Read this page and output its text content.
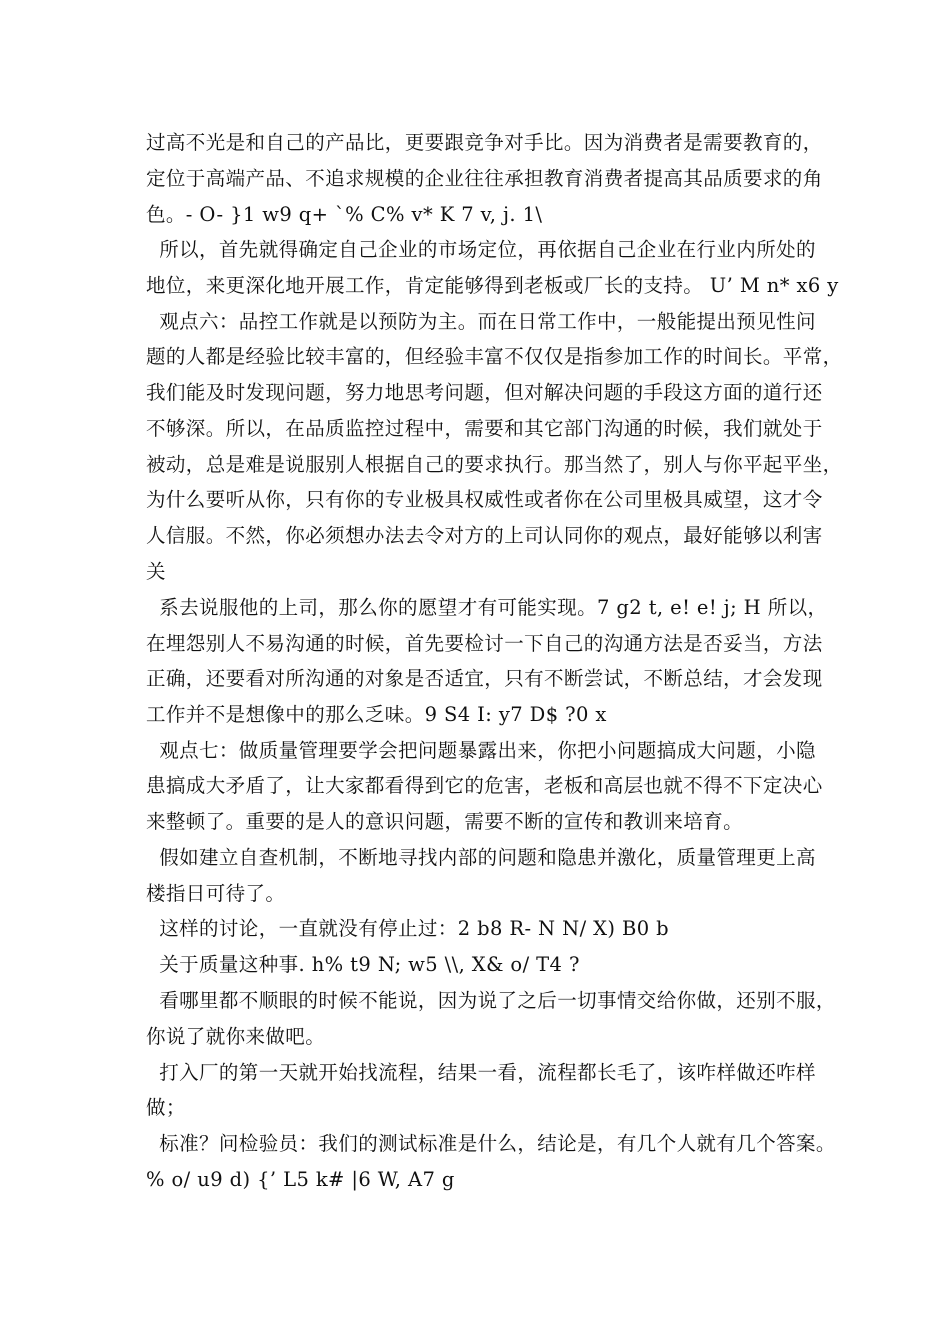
过高不光是和自己的产品比，更要跟竞争对手比。因为消费者是需要教育的，
定位于高端产品、不追求规模的企业往往承担教育消费者提高其品质要求的角
色。- O- }1 w9 q+ `% C% v* K 7 v, j. 1\
所以，首先就得确定自己企业的市场定位，再依据自己企业在行业内所处的
地位，来更深化地开展工作，肯定能够得到老板或厂长的支持。 U’ M n* x6 y
观点六：品控工作就是以预防为主。而在日常工作中，一般能提出预见性问
题的人都是经验比较丰富的，但经验丰富不仅仅是指参加工作的时间长。平常，
我们能及时发现问题，努力地思考问题，但对解决问题的手段这方面的道行还
不够深。所以，在品质监控过程中，需要和其它部门沟通的时候，我们就处于
被动，总是难是说服别人根据自己的要求执行。那当然了，别人与你平起平坐，
为什么要听从你，只有你的专业极具权威性或者你在公司里极具威望，这才令
人信服。不然，你必须想办法去令对方的上司认同你的观点，最好能够以利害
关
系去说服他的上司，那么你的愿望才有可能实现。7 g2 t, e! e! j; H 所以，
在埋怨别人不易沟通的时候，首先要检讨一下自己的沟通方法是否妥当，方法
正确，还要看对所沟通的对象是否适宜，只有不断尝试，不断总结，才会发现
工作并不是想像中的那么乏味。9 S4 I: y7 D$ ?0 x
观点七：做质量管理要学会把问题暴露出来，你把小问题搞成大问题，小隐
患搞成大矛盾了，让大家都看得到它的危害，老板和高层也就不得不下定决心
来整顿了。重要的是人的意识问题，需要不断的宣传和教训来培育。
假如建立自查机制，不断地寻找内部的问题和隐患并激化，质量管理更上高
楼指日可待了。
这样的讨论，一直就没有停止过：2 b8 R- N N/ X) B0 b
关于质量这种事. h% t9 N; w5 \\, X& o/ T4 ?
看哪里都不顺眼的时候不能说，因为说了之后一切事情交给你做，还别不服，
你说了就你来做吧。
打入厂的第一天就开始找流程，结果一看，流程都长毛了，该咋样做还咋样
做；
标准？问检验员：我们的测试标准是什么，结论是，有几个人就有几个答案。
% o/ u9 d) {’ L5 k# |6 W, A7 g
